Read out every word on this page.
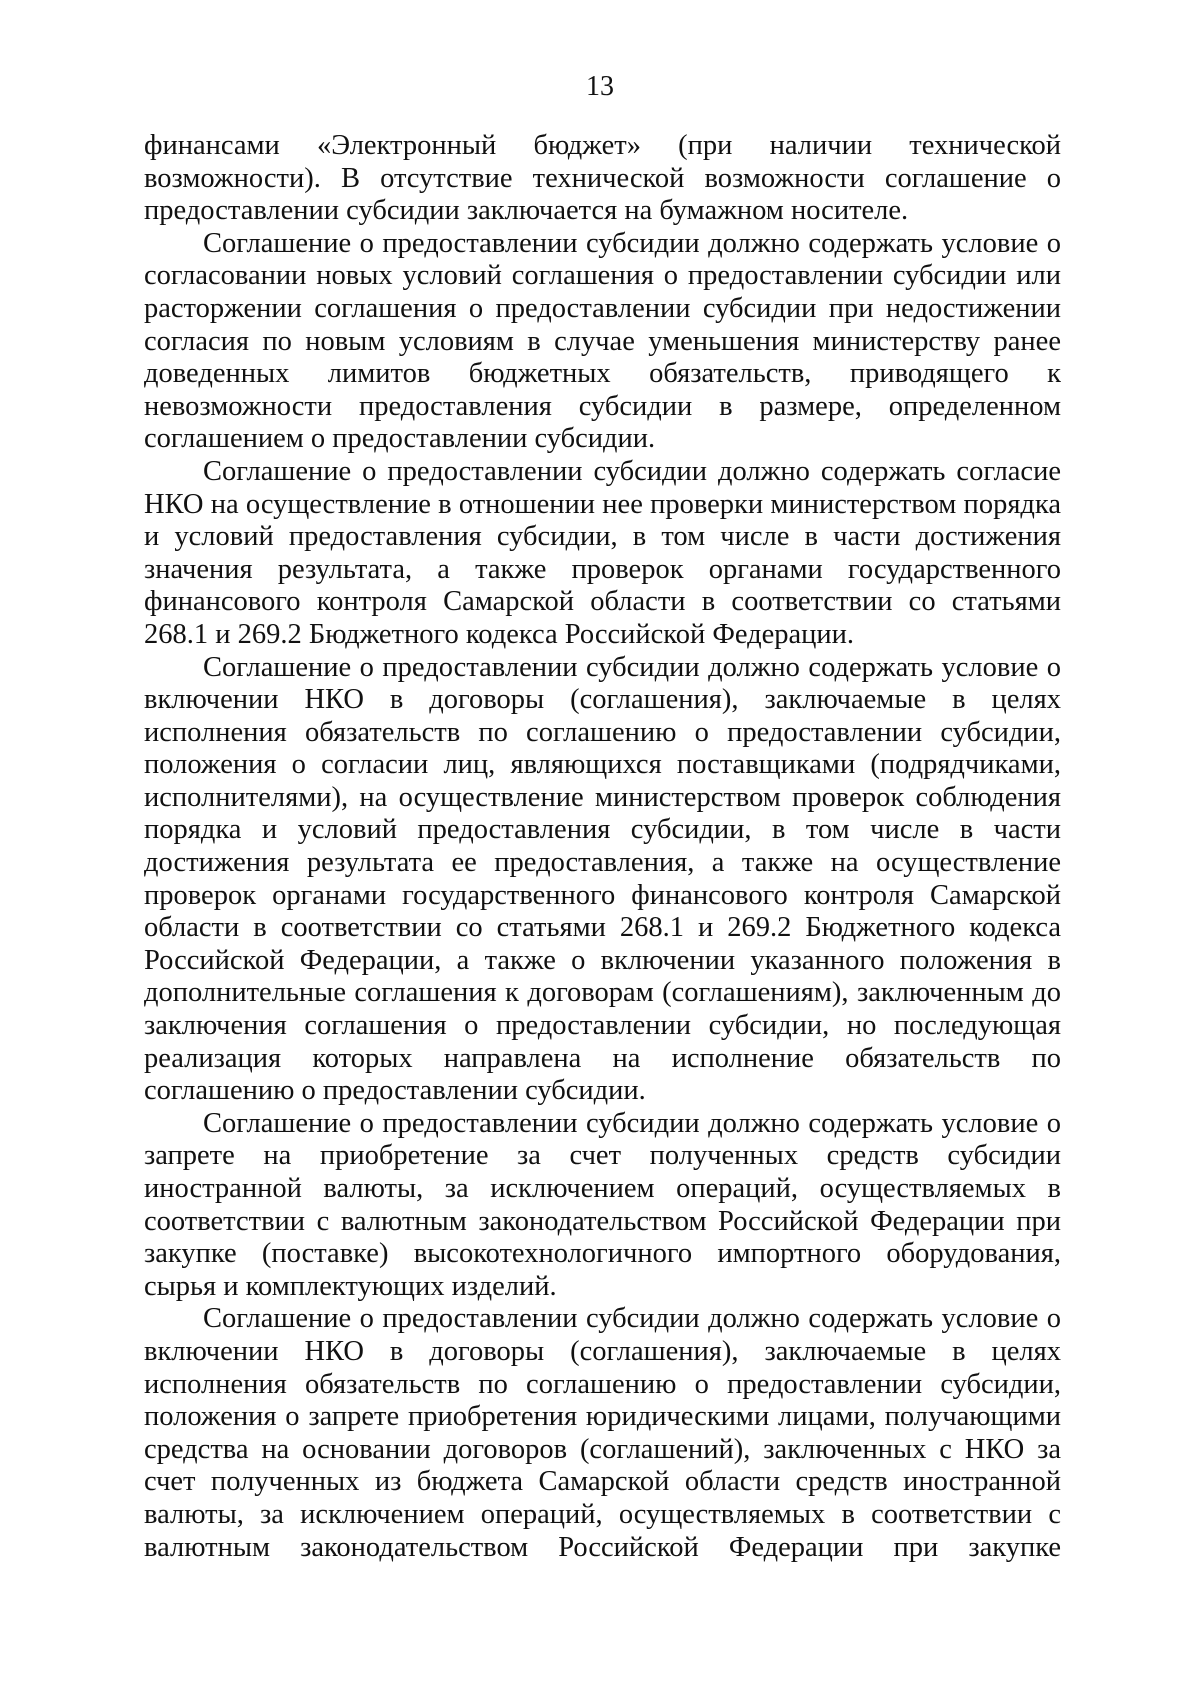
13

финансами «Электронный бюджет» (при наличии технической возможности). В отсутствие технической возможности соглашение о предоставлении субсидии заключается на бумажном носителе.

Соглашение о предоставлении субсидии должно содержать условие о согласовании новых условий соглашения о предоставлении субсидии или расторжении соглашения о предоставлении субсидии при недостижении согласия по новым условиям в случае уменьшения министерству ранее доведенных лимитов бюджетных обязательств, приводящего к невозможности предоставления субсидии в размере, определенном соглашением о предоставлении субсидии.

Соглашение о предоставлении субсидии должно содержать согласие НКО на осуществление в отношении нее проверки министерством порядка и условий предоставления субсидии, в том числе в части достижения значения результата, а также проверок органами государственного финансового контроля Самарской области в соответствии со статьями 268.1 и 269.2 Бюджетного кодекса Российской Федерации.

Соглашение о предоставлении субсидии должно содержать условие о включении НКО в договоры (соглашения), заключаемые в целях исполнения обязательств по соглашению о предоставлении субсидии, положения о согласии лиц, являющихся поставщиками (подрядчиками, исполнителями), на осуществление министерством проверок соблюдения порядка и условий предоставления субсидии, в том числе в части достижения результата ее предоставления, а также на осуществление проверок органами государственного финансового контроля Самарской области в соответствии со статьями 268.1 и 269.2 Бюджетного кодекса Российской Федерации, а также о включении указанного положения в дополнительные соглашения к договорам (соглашениям), заключенным до заключения соглашения о предоставлении субсидии, но последующая реализация которых направлена на исполнение обязательств по соглашению о предоставлении субсидии.

Соглашение о предоставлении субсидии должно содержать условие о запрете на приобретение за счет полученных средств субсидии иностранной валюты, за исключением операций, осуществляемых в соответствии с валютным законодательством Российской Федерации при закупке (поставке) высокотехнологичного импортного оборудования, сырья и комплектующих изделий.

Соглашение о предоставлении субсидии должно содержать условие о включении НКО в договоры (соглашения), заключаемые в целях исполнения обязательств по соглашению о предоставлении субсидии, положения о запрете приобретения юридическими лицами, получающими средства на основании договоров (соглашений), заключенных с НКО за счет полученных из бюджета Самарской области средств иностранной валюты, за исключением операций, осуществляемых в соответствии с валютным законодательством Российской Федерации при закупке
